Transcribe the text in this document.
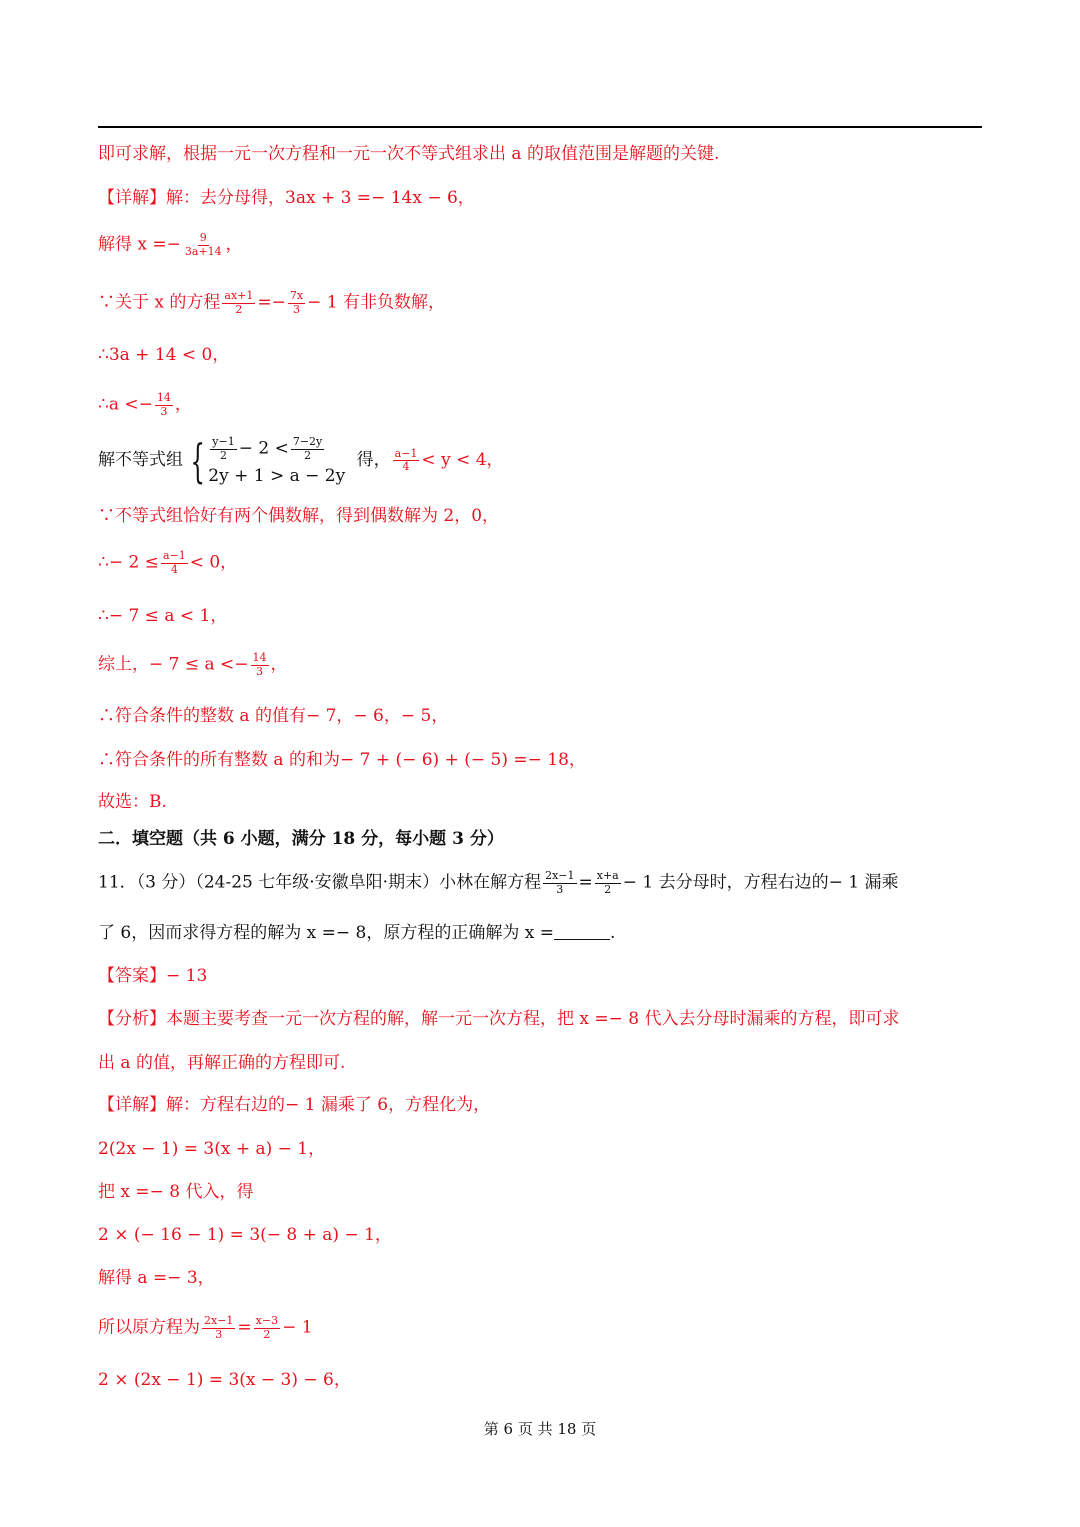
即可求解，根据一元一次方程和一元一次不等式组求出 a 的取值范围是解题的关键.
【详解】解：去分母得，3ax + 3 =− 14x − 6，
解得 $x =- \frac{9}{3a+14}$ ，
∵关于 x 的方程 $\frac{ax+1}{2} =- \frac{7x}{3} - 1$ 有非负数解，
∴3a + 14 < 0，
∴a <− $\frac{14}{3}$ ，
解不等式组 { $\frac{y-1}{2} - 2 < \frac{7-2y}{2}$
2y + 1 > a − 2y
得， $\frac{a-1}{4} < y < 4$，
∵不等式组恰好有两个偶数解，得到偶数解为 2，0，
∴− $2 \le \frac{a-1}{4} < 0$，
∴− 7 ≤ a < 1，
综上，− $7 \le a <- \frac{14}{3}$ ，
∴符合条件的整数 a 的值有− 7，− 6，− 5，
∴符合条件的所有整数 a 的和为− 7 + (− 6) + (− 5) =− 18，
故选：B.
二．填空题（共 6 小题，满分 18 分，每小题 3 分）
11．（3 分）（24-25 七年级·安徽阜阳·期末）小林在解方程 $\frac{2x-1}{3} = \frac{x+a}{2} - 1$ 去分母时，方程右边的− 1 漏乘
了 6，因而求得方程的解为 x =− 8，原方程的正确解为 x =	.
【答案】− 13
【分析】本题主要考查一元一次方程的解，解一元一次方程，把 x =− 8 代入去分母时漏乘的方程，即可求
出 a 的值，再解正确的方程即可.
【详解】解：方程右边的− 1 漏乘了 6，方程化为，
2(2x − 1) = 3(x + a) − 1，
把 x =− 8 代入，得
2 × (− 16 − 1) = 3(− 8 + a) − 1，
解得 a =− 3，
所以原方程为 $\frac{2x-1}{3} = \frac{x-3}{2} - 1$
2 × (2x − 1) = 3(x − 3) − 6，
第 6 页 共 18 页
